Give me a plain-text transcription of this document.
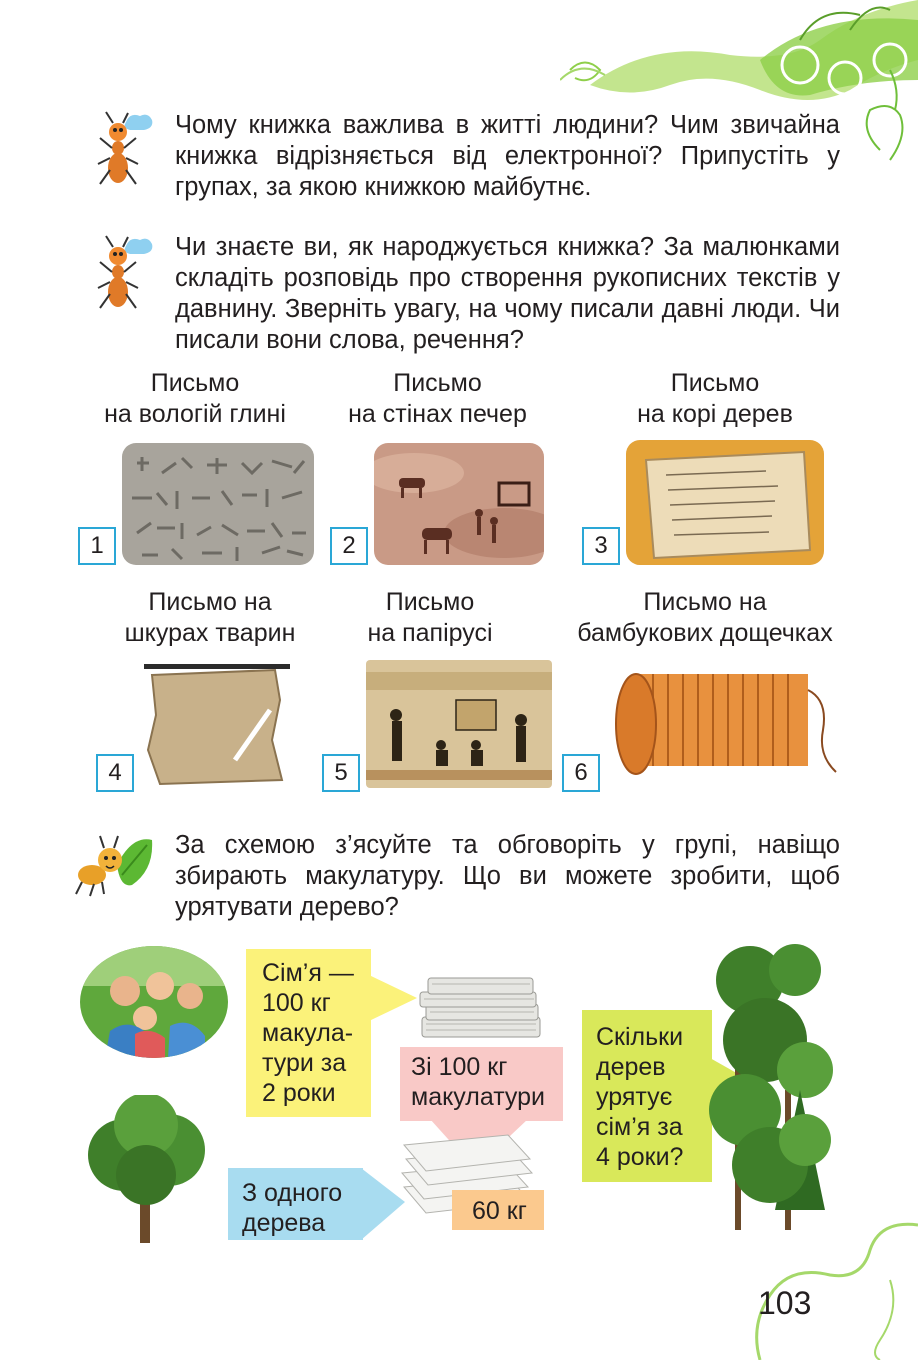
Чому книжка важлива в житті людини? Чим звичайна книжка відрізняється від електронної? Припустіть у групах, за якою книжкою майбутнє.
Чи знаєте ви, як народжується книжка? За малюнками складіть розповідь про створення рукописних текстів у давнину. Зверніть увагу, на чому писали давні люди. Чи писали вони слова, речення?
Письмо
на вологій глині
Письмо
на стінах печер
Письмо
на корі дерев
1	2	3
Письмо на
шкурах тварин
Письмо
на папірусі
Письмо на
бамбукових дощечках
4	5	6
За схемою з’ясуйте та обговоріть у групі, навіщо збирають макулатуру. Що ви можете зробити, щоб урятувати дерево?
Сім’я —
100 кг
макула-
тури за
2 роки
Зі 100 кг
макулатури
60 кг
З одного
дерева
Скільки
дерев
урятує
сім’я за
4 роки?
103
